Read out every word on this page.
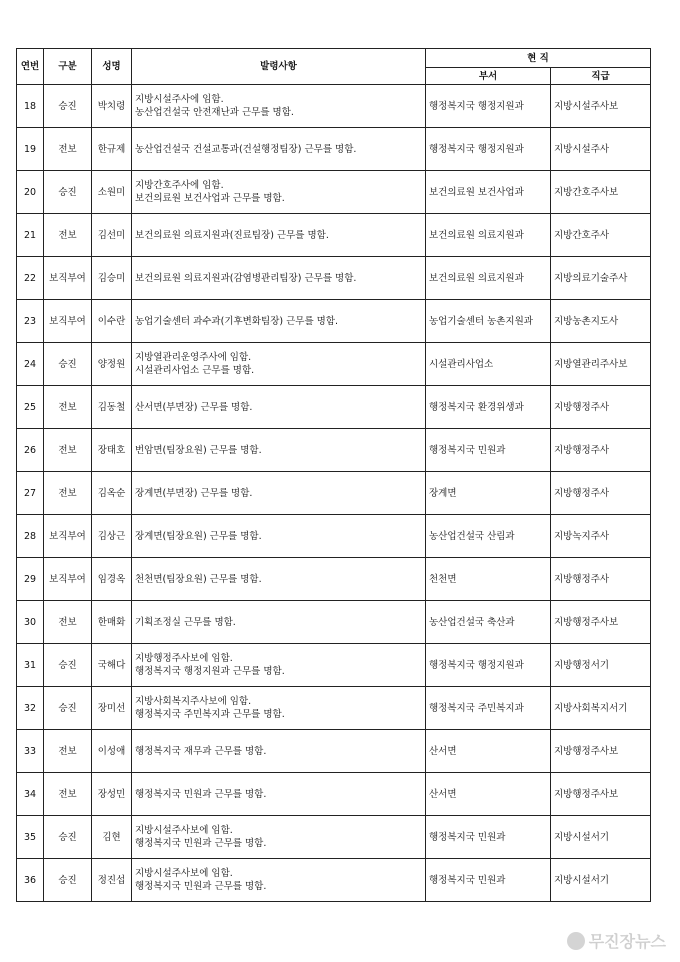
연번	구분	성명	발령사항	현 직	
				부서	직급
18	승진	박치령	지방시설주사에 임함.
농산업건설국 안전재난과 근무를 명함.	행정복지국 행정지원과	지방시설주사보
19	전보	한규제	농산업건설국 건설교통과(건설행정팀장) 근무를 명함.	행정복지국 행정지원과	지방시설주사
20	승진	소원미	지방간호주사에 임함.
보건의료원 보건사업과 근무를 명함.	보건의료원 보건사업과	지방간호주사보
21	전보	김선미	보건의료원 의료지원과(진료팀장) 근무를 명함.	보건의료원 의료지원과	지방간호주사
22	보직부여	김승미	보건의료원 의료지원과(감염병관리팀장) 근무를 명함.	보건의료원 의료지원과	지방의료기술주사
23	보직부여	이수란	농업기술센터 과수과(기후변화팀장) 근무를 명함.	농업기술센터 농촌지원과	지방농촌지도사
24	승진	양정원	지방열관리운영주사에 임함.
시설관리사업소 근무를 명함.	시설관리사업소	지방열관리주사보
25	전보	김동철	산서면(부면장) 근무를 명함.	행정복지국 환경위생과	지방행정주사
26	전보	장태호	번암면(팀장요원) 근무를 명함.	행정복지국 민원과	지방행정주사
27	전보	김옥순	장계면(부면장) 근무를 명함.	장계면	지방행정주사
28	보직부여	김상근	장계면(팀장요원) 근무를 명함.	농산업건설국 산림과	지방녹지주사
29	보직부여	임경옥	천천면(팀장요원) 근무를 명함.	천천면	지방행정주사
30	전보	한매화	기획조정실 근무를 명함.	농산업건설국 축산과	지방행정주사보
31	승진	국해다	지방행정주사보에 임함.
행정복지국 행정지원과 근무를 명함.	행정복지국 행정지원과	지방행정서기
32	승진	장미선	지방사회복지주사보에 임함.
행정복지국 주민복지과 근무를 명함.	행정복지국 주민복지과	지방사회복지서기
33	전보	이성애	행정복지국 재무과 근무를 명함.	산서면	지방행정주사보
34	전보	장성민	행정복지국 민원과 근무를 명함.	산서면	지방행정주사보
35	승진	김현	지방시설주사보에 임함.
행정복지국 민원과 근무를 명함.	행정복지국 민원과	지방시설서기
36	승진	정진섭	지방시설주사보에 임함.
행정복지국 민원과 근무를 명함.	행정복지국 민원과	지방시설서기
무진장뉴스
